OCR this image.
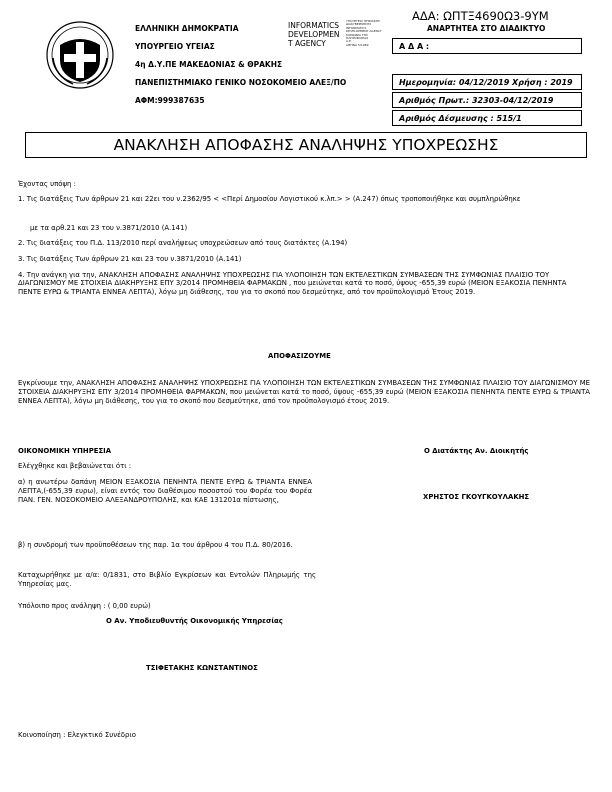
ΑΔΑ: ΩΠΤΞ4690Ω3-9ΥΜ
ΕΛΛΗΝΙΚΗ ΔΗΜΟΚΡΑΤΙΑ
ΥΠΟΥΡΓΕΙΟ ΥΓΕΙΑΣ
4η Δ.Υ.ΠΕ ΜΑΚΕΔΟΝΙΑΣ & ΘΡΑΚΗΣ
ΠΑΝΕΠΙΣΤΗΜΙΑΚΟ ΓΕΝΙΚΟ ΝΟΣΟΚΟΜΕΙΟ ΑΛΕΞ/ΠΟ
ΑΦΜ:999387635
INFORMATICS
DEVELOPMEN
T AGENCY
ΥΠΟΥΡΓΕΙΟ ΨΗΦΙΑΚΗΣ
ΔΙΑΚΥΒΕΡΝΗΣΗΣ
INFORMATICS
DEVELOPMENT AGENCY
ΚΟΙΝΩΝΙΑ ΤΗΣ
ΠΛΗΡΟΦΟΡΙΑΣ
Α.Ε.
ΑΘΗΝΑ 5/1989
ΑΝΑΡΤΗΤΕΑ ΣΤΟ ΔΙΑΔΙΚΤΥΟ
Α Δ Α :
Ημερομηνία: 04/12/2019 Χρήση : 2019
Αριθμός Πρωτ.: 32303-04/12/2019
Αριθμός Δέσμευσης : 515/1
ΑΝΑΚΛΗΣΗ ΑΠΟΦΑΣΗΣ ΑΝΑΛΗΨΗΣ ΥΠΟΧΡΕΩΣΗΣ
Έχοντας υπόψη :
1. Τις διατάξεις Των άρθρων 21 και 22ει του ν.2362/95 < <Περί Δημοσίου Λογιστικού κ.λπ.> > (Α.247) όπως τροποποιήθηκε και συμπληρώθηκε
με τα αρθ.21 και 23 του ν.3871/2010 (Α.141)
2. Τις διατάξεις του Π.Δ. 113/2010 περί αναλήψεως υποχρεώσεων από τους διατάκτες (Α.194)
3. Τις διατάξεις Των άρθρων 21 και 23 του ν.3871/2010 (Α.141)
4. Την ανάγκη για την, ΑΝΑΚΛΗΣΗ ΑΠΟΦΑΣΗΣ ΑΝΑΛΗΨΗΣ ΥΠΟΧΡΕΩΣΗΣ ΓΙΑ ΥΛΟΠΟΙΗΣΗ ΤΩΝ ΕΚΤΕΛΕΣΤΙΚΩΝ ΣΥΜΒΑΣΕΩΝ ΤΗΣ ΣΥΜΦΩΝΙΑΣ ΠΛΑΙΣΙΟ ΤΟΥ ΔΙΑΓΩΝΙΣΜΟΥ ΜΕ ΣΤΟΙΧΕΙΑ ΔΙΑΚΗΡΥΞΗΣ ΕΠΥ 3/2014 ΠΡΟΜΗΘΕΙΑ ΦΑΡΜΑΚΩΝ , που μειώνεται κατά το ποσό, ύψους -655,39 ευρώ (ΜΕΙΟΝ ΕΞΑΚΟΣΙΑ ΠΕΝΗΝΤΑ ΠΕΝΤΕ ΕΥΡΩ & ΤΡΙΑΝΤΑ ΕΝΝΕΑ ΛΕΠΤΑ), λόγω μη διάθεσης, του για το σκοπό που δεσμεύτηκε, από τον προϋπολογισμό Έτους 2019.
ΑΠΟΦΑΣΙΖΟΥΜΕ
Εγκρίνουμε την, ΑΝΑΚΛΗΣΗ ΑΠΟΦΑΣΗΣ ΑΝΑΛΗΨΗΣ ΥΠΟΧΡΕΩΣΗΣ ΓΙΑ ΥΛΟΠΟΙΗΣΗ ΤΩΝ ΕΚΤΕΛΕΣΤΙΚΩΝ ΣΥΜΒΑΣΕΩΝ ΤΗΣ ΣΥΜΦΩΝΙΑΣ ΠΛΑΙΣΙΟ ΤΟΥ ΔΙΑΓΩΝΙΣΜΟΥ ΜΕ ΣΤΟΙΧΕΙΑ ΔΙΑΚΗΡΥΞΗΣ ΕΠΥ 3/2014 ΠΡΟΜΗΘΕΙΑ ΦΑΡΜΑΚΩΝ, που μειώνεται κατά το ποσό, ύψους -655,39 ευρώ (ΜΕΙΟΝ ΕΞΑΚΟΣΙΑ ΠΕΝΗΝΤΑ ΠΕΝΤΕ ΕΥΡΩ & ΤΡΙΑΝΤΑ ΕΝΝΕΑ ΛΕΠΤΑ), λόγω μη διάθεσης, του για το σκοπό που δεσμεύτηκε, από τον προϋπολογισμό έτους 2019.
ΟΙΚΟΝΟΜΙΚΗ ΥΠΗΡΕΣΙΑ
Ελέγχθηκε και βεβαιώνεται ότι :
α) η ανωτέρω δαπάνη ΜΕΙΟΝ ΕΞΑΚΟΣΙΑ ΠΕΝΗΝΤΑ ΠΕΝΤΕ ΕΥΡΩ & ΤΡΙΑΝΤΑ ΕΝΝΕΑ ΛΕΠΤΑ,(-655,39 ευρω), είναι εντός του διαθέσιμου ποσοστού του Φορέα του Φορέα ΠΑΝ. ΓΕΝ. ΝΟΣΟΚΟΜΕΙΟ ΑΛΕΞΑΝΔΡΟΥΠΟΛΗΣ, και ΚΑΕ 131201α πίστωσης,
β) η συνδρομή των προϋποθέσεων της παρ. 1α του άρθρου 4 του Π.Δ. 80/2016.
Καταχωρήθηκε με α/α: 0/1831, στο Βιβλίο Εγκρίσεων και Εντολών Πληρωμής της Υπηρεσίας μας.
Υπόλοιπο προς ανάληψη : ( 0,00 ευρώ)
Ο Αν. Υποδιευθυντής Οικονομικής Υπηρεσίας
ΤΣΙΦΕΤΑΚΗΣ ΚΩΝΣΤΑΝΤΙΝΟΣ
Ο Διατάκτης Αν. Διοικητής
ΧΡΗΣΤΟΣ ΓΚΟΥΓΚΟΥΛΑΚΗΣ
Κοινοποίηση : Ελεγκτικό Συνέδριο
